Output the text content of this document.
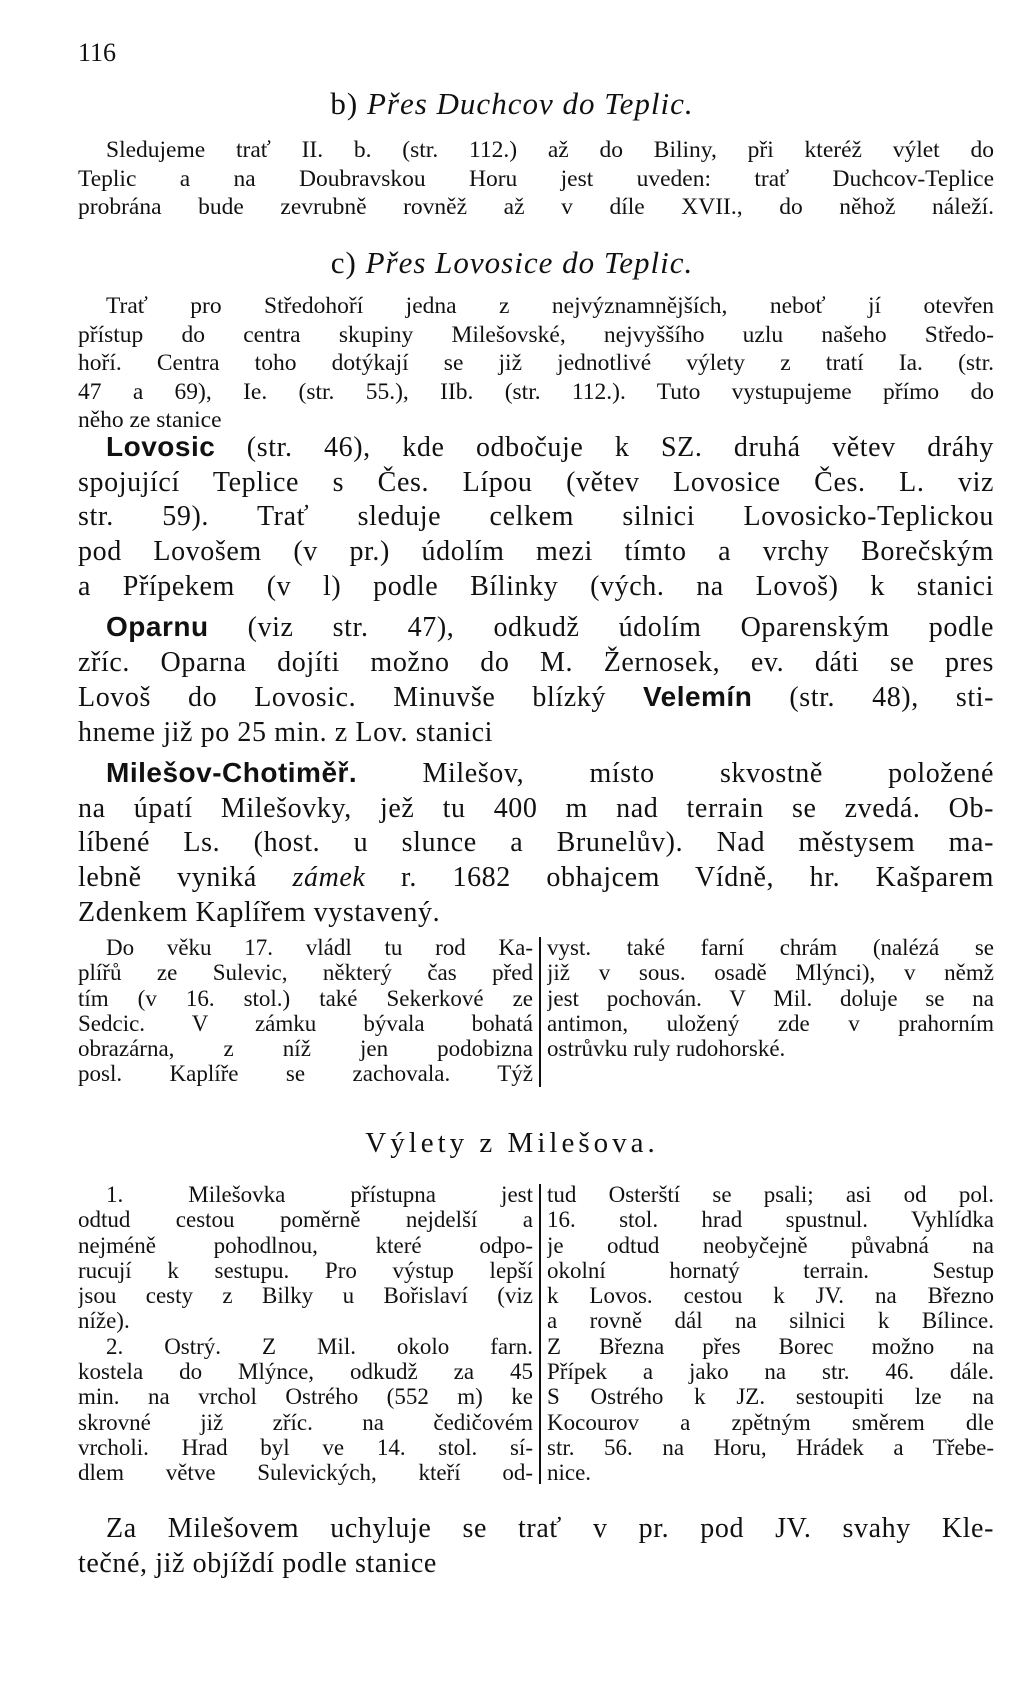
116
b) Přes Duchcov do Teplic.
Sledujeme trať II. b. (str. 112.) až do Biliny, při kteréž výlet do
Teplic a na Doubravskou Horu jest uveden: trať Duchcov-Teplice
probrána bude zevrubně rovněž až v díle XVII., do něhož náleží.
c) Přes Lovosice do Teplic.
Trať pro Středohoří jedna z nejvýznamnějších, neboť jí otevřen
přístup do centra skupiny Milešovské, nejvyššího uzlu našeho Středo-
hoří. Centra toho dotýkají se již jednotlivé výlety z tratí Ia. (str.
47 a 69), Ie. (str. 55.), IIb. (str. 112.). Tuto vystupujeme přímo do
něho ze stanice
Lovosic (str. 46), kde odbočuje k SZ. druhá větev dráhy
spojující Teplice s Čes. Lípou (větev Lovosice Čes. L. viz
str. 59). Trať sleduje celkem silnici Lovosicko-Teplickou
pod Lovošem (v pr.) údolím mezi tímto a vrchy Borečským
a Přípekem (v l) podle Bílinky (vých. na Lovoš) k stanici
Oparnu (viz str. 47), odkudž údolím Oparenským podle
zříc. Oparna dojíti možno do M. Žernosek, ev. dáti se pres
Lovoš do Lovosic. Minuvše blízký Velemín (str. 48), sti-
hneme již po 25 min. z Lov. stanici
Milešov-Chotiměř. Milešov, místo skvostně položené
na úpatí Milešovky, jež tu 400 m nad terrain se zvedá. Ob-
líbené Ls. (host. u slunce a Brunelův). Nad městysem ma-
lebně vyniká zámek r. 1682 obhajcem Vídně, hr. Kašparem
Zdenkem Kaplířem vystavený.
Do věku 17. vládl tu rod Ka-
plířů ze Sulevic, některý čas před
tím (v 16. stol.) také Sekerkové ze
Sedcic. V zámku bývala bohatá
obrazárna, z níž jen podobizna
posl. Kaplíře se zachovala. Týž
vyst. také farní chrám (nalézá se
již v sous. osadě Mlýnci), v němž
jest pochován. V Mil. doluje se na
antimon, uložený zde v prahorním
ostrůvku ruly rudohorské.
Výlety z Milešova.
1. Milešovka přístupna jest
odtud cestou poměrně nejdelší a
nejméně pohodlnou, které odpo-
rucují k sestupu. Pro výstup lepší
jsou cesty z Bilky u Bořislaví (viz
níže).
2. Ostrý. Z Mil. okolo farn.
kostela do Mlýnce, odkudž za 45
min. na vrchol Ostrého (552 m) ke
skrovné již zříc. na čedičovém
vrcholi. Hrad byl ve 14. stol. sí-
dlem větve Sulevických, kteří od-
tud Osterští se psali; asi od pol.
16. stol. hrad spustnul. Vyhlídka
je odtud neobyčejně půvabná na
okolní hornatý terrain. Sestup
k Lovos. cestou k JV. na Březno
a rovně dál na silnici k Bílince.
Z Března přes Borec možno na
Přípek a jako na str. 46. dále.
S Ostrého k JZ. sestoupiti lze na
Kocourov a zpětným směrem dle
str. 56. na Horu, Hrádek a Třebe-
nice.
Za Milešovem uchyluje se trať v pr. pod JV. svahy Kle-
tečné, již objíždí podle stanice
